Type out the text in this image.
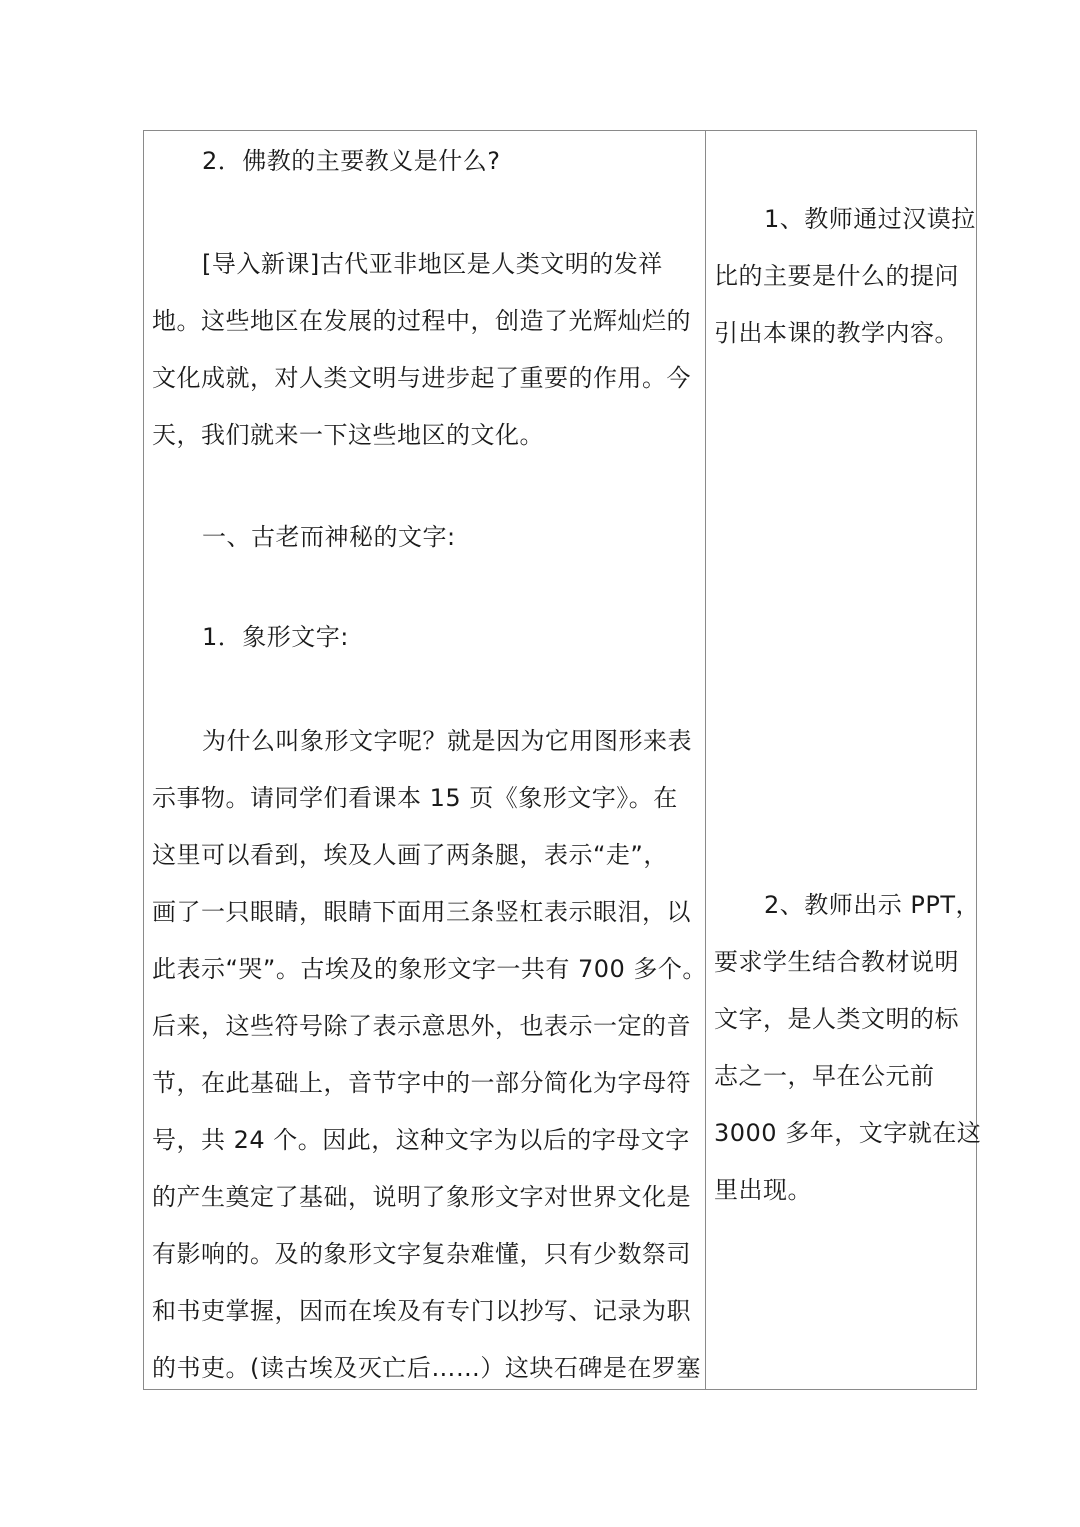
2．佛教的主要教义是什么?
[导入新课]古代亚非地区是人类文明的发祥
地。这些地区在发展的过程中，创造了光辉灿烂的
文化成就，对人类文明与进步起了重要的作用。今
天，我们就来一下这些地区的文化。
一、古老而神秘的文字:
1．象形文字:
为什么叫象形文字呢？就是因为它用图形来表
示事物。请同学们看课本 15 页《象形文字》。在
这里可以看到，埃及人画了两条腿，表示“走”，
画了一只眼睛，眼睛下面用三条竖杠表示眼泪，以
此表示“哭”。古埃及的象形文字一共有 700 多个。
后来，这些符号除了表示意思外，也表示一定的音
节，在此基础上，音节字中的一部分简化为字母符
号，共 24 个。因此，这种文字为以后的字母文字
的产生奠定了基础，说明了象形文字对世界文化是
有影响的。及的象形文字复杂难懂，只有少数祭司
和书吏掌握，因而在埃及有专门以抄写、记录为职
的书吏。(读古埃及灭亡后……）这块石碑是在罗塞
1、教师通过汉谟拉
比的主要是什么的提问
引出本课的教学内容。
2、教师出示 PPT，
要求学生结合教材说明
文字，是人类文明的标
志之一，早在公元前
3000 多年，文字就在这
里出现。
